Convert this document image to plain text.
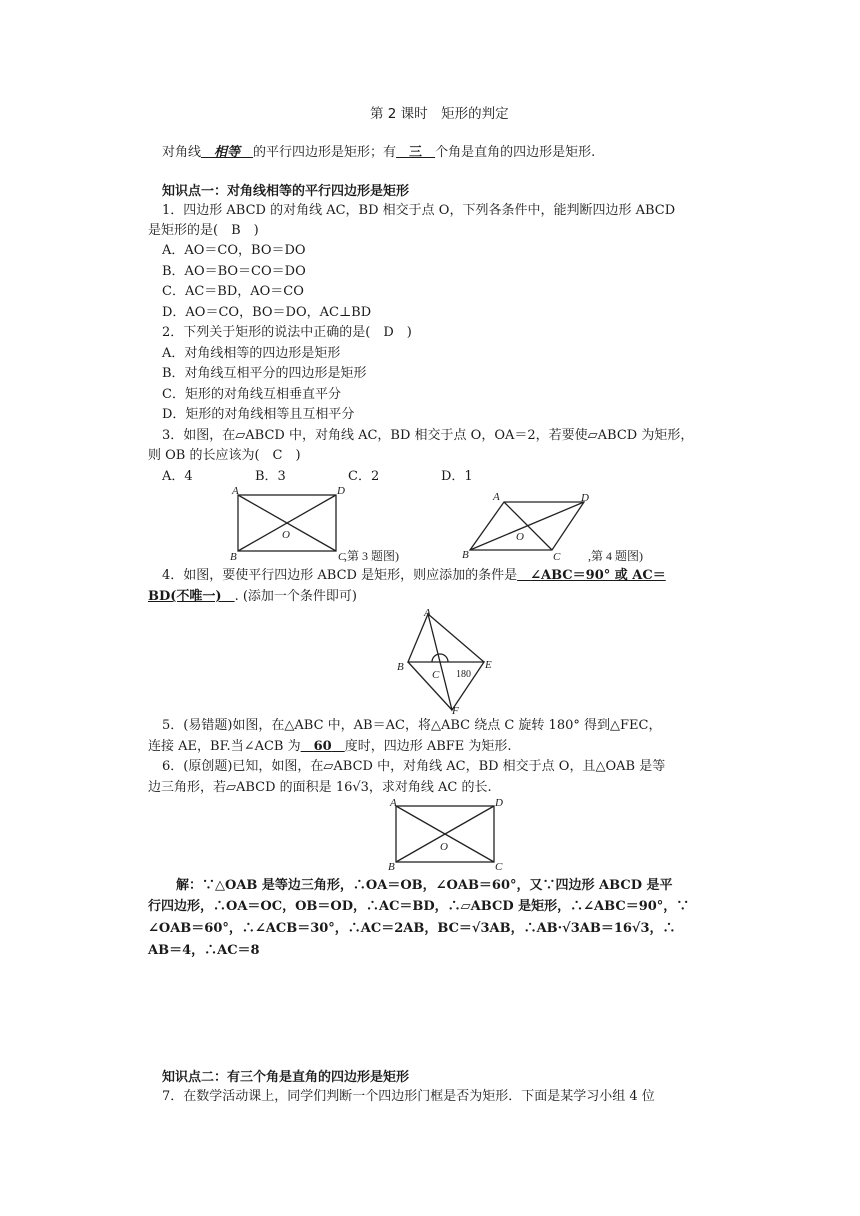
第 2 课时　矩形的判定
对角线   相等   的平行四边形是矩形；有   三   个角是直角的四边形是矩形.
知识点一：对角线相等的平行四边形是矩形
1．四边形 ABCD 的对角线 AC，BD 相交于点 O，下列各条件中，能判断四边形 ABCD
是矩形的是(　B　)
A．AO＝CO，BO＝DO
B．AO＝BO＝CO＝DO
C．AC＝BD，AO＝CO
D．AO＝CO，BO＝DO，AC⊥BD
2．下列关于矩形的说法中正确的是(　D　)
A．对角线相等的四边形是矩形
B．对角线互相平分的四边形是矩形
C．矩形的对角线互相垂直平分
D．矩形的对角线相等且互相平分
3．如图，在▱ABCD 中，对角线 AC，BD 相交于点 O，OA＝2，若要使▱ABCD 为矩形，
则 OB 的长应该为(　C　)
A．4	B．3	C．2	D．1
A	D
B	C
O
,第 3 题图)
A	D
B	C
O
,第 4 题图)
4．如图，要使平行四边形 ABCD 是矩形，则应添加的条件是   ∠ABC＝90° 或 AC＝
BD(不唯一)   . (添加一个条件即可)
A
B
C
E
F
180
5．(易错题)如图，在△ABC 中，AB＝AC，将△ABC 绕点 C 旋转 180° 得到△FEC，
连接 AE，BF.当∠ACB 为   60   度时，四边形 ABFE 为矩形.
6．(原创题)已知，如图，在▱ABCD 中，对角线 AC，BD 相交于点 O，且△OAB 是等
边三角形，若▱ABCD 的面积是 16√3，求对角线 AC 的长.
A	D
B	C
O
解：∵△OAB 是等边三角形，∴OA＝OB，∠OAB＝60°，又∵四边形 ABCD 是平
行四边形，∴OA＝OC，OB＝OD，∴AC＝BD，∴▱ABCD 是矩形，∴∠ABC＝90°，∵
∠OAB＝60°，∴∠ACB＝30°，∴AC＝2AB，BC＝√3AB，∴AB·√3AB＝16√3，∴
AB＝4，∴AC＝8
知识点二：有三个角是直角的四边形是矩形
7．在数学活动课上，同学们判断一个四边形门框是否为矩形．下面是某学习小组 4 位
